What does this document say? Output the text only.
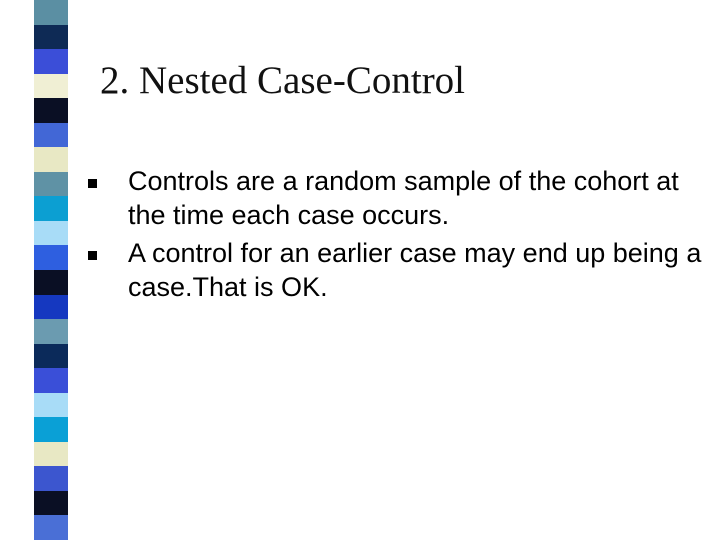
2. Nested Case-Control
Controls are a random sample of the cohort at the time each case occurs.
A control for an earlier case may end up being a case.That is OK.
